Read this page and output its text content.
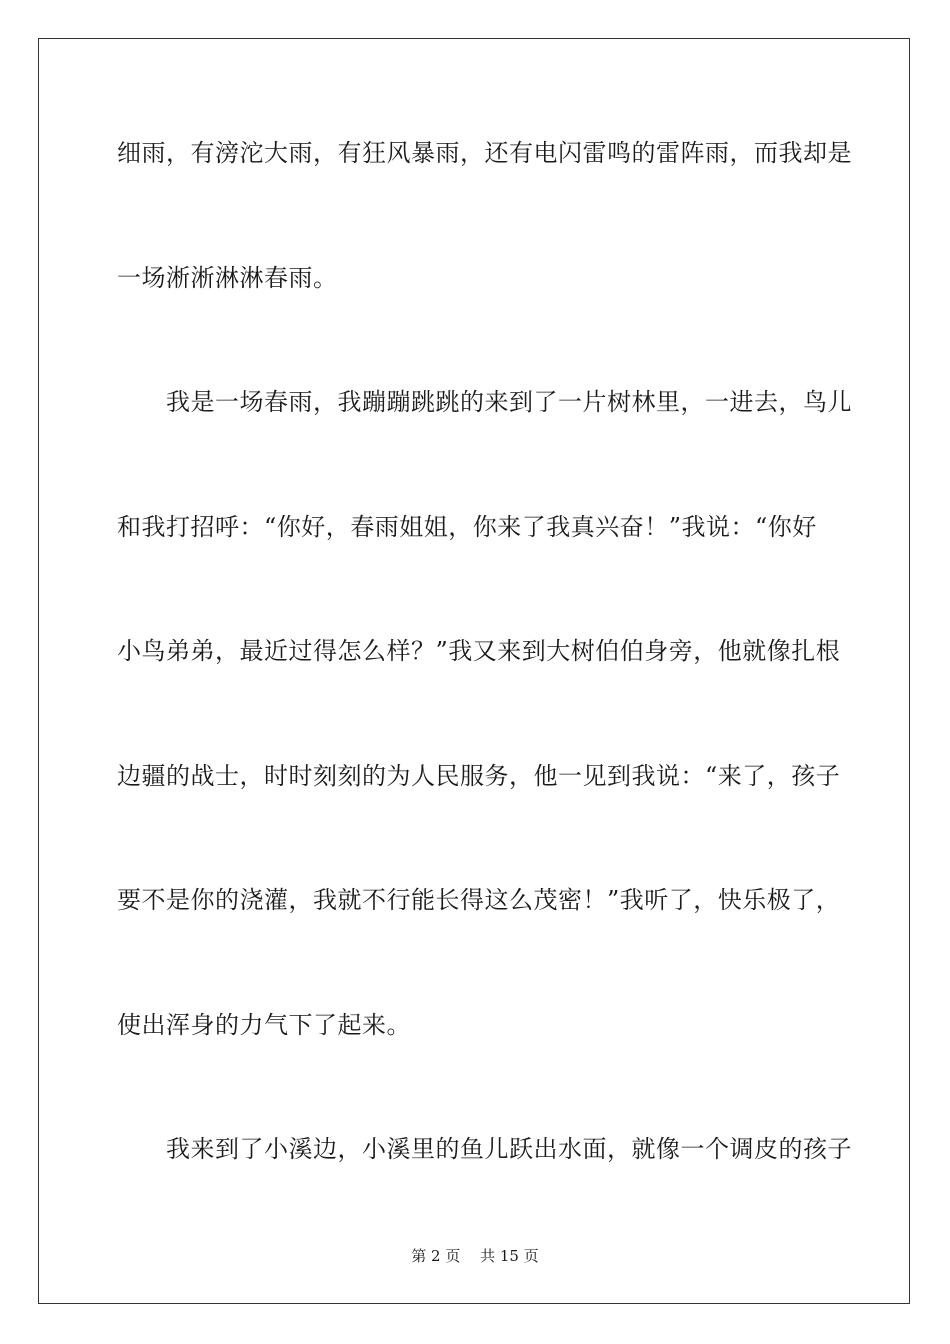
细雨，有滂沱大雨，有狂风暴雨，还有电闪雷鸣的雷阵雨，而我却是
一场淅淅淋淋春雨。
　　我是一场春雨，我蹦蹦跳跳的来到了一片树林里，一进去，鸟儿
和我打招呼：“你好，春雨姐姐，你来了我真兴奋！”我说：“你好
小鸟弟弟，最近过得怎么样？”我又来到大树伯伯身旁，他就像扎根
边疆的战士，时时刻刻的为人民服务，他一见到我说：“来了，孩子
要不是你的浇灌，我就不行能长得这么茂密！”我听了，快乐极了，
使出浑身的力气下了起来。
　　我来到了小溪边，小溪里的鱼儿跃出水面，就像一个调皮的孩子
第 2 页　 共 15 页
